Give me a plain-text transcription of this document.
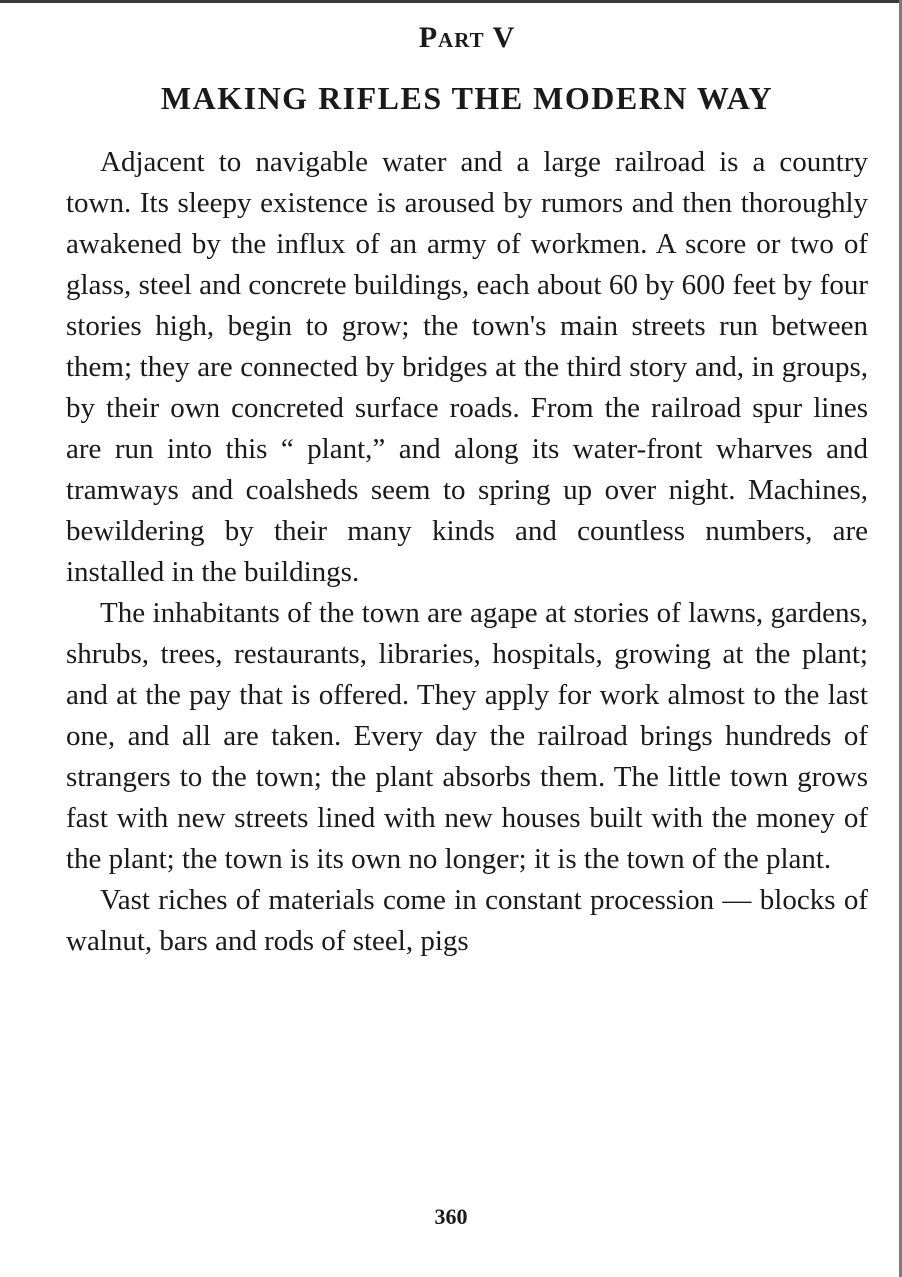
Part V
MAKING RIFLES THE MODERN WAY

Adjacent to navigable water and a large railroad is a country town. Its sleepy existence is aroused by rumors and then thoroughly awakened by the influx of an army of workmen. A score or two of glass, steel and concrete buildings, each about 60 by 600 feet by four stories high, begin to grow; the town's main streets run between them; they are connected by bridges at the third story and, in groups, by their own concreted surface roads. From the railroad spur lines are run into this “ plant,” and along its water-front wharves and tramways and coalsheds seem to spring up over night. Machines, bewildering by their many kinds and countless numbers, are installed in the buildings.

The inhabitants of the town are agape at stories of lawns, gardens, shrubs, trees, restaurants, libraries, hospitals, growing at the plant; and at the pay that is offered. They apply for work almost to the last one, and all are taken. Every day the railroad brings hundreds of strangers to the town; the plant absorbs them. The little town grows fast with new streets lined with new houses built with the money of the plant; the town is its own no longer; it is the town of the plant.

Vast riches of materials come in constant procession — blocks of walnut, bars and rods of steel, pigs

360
